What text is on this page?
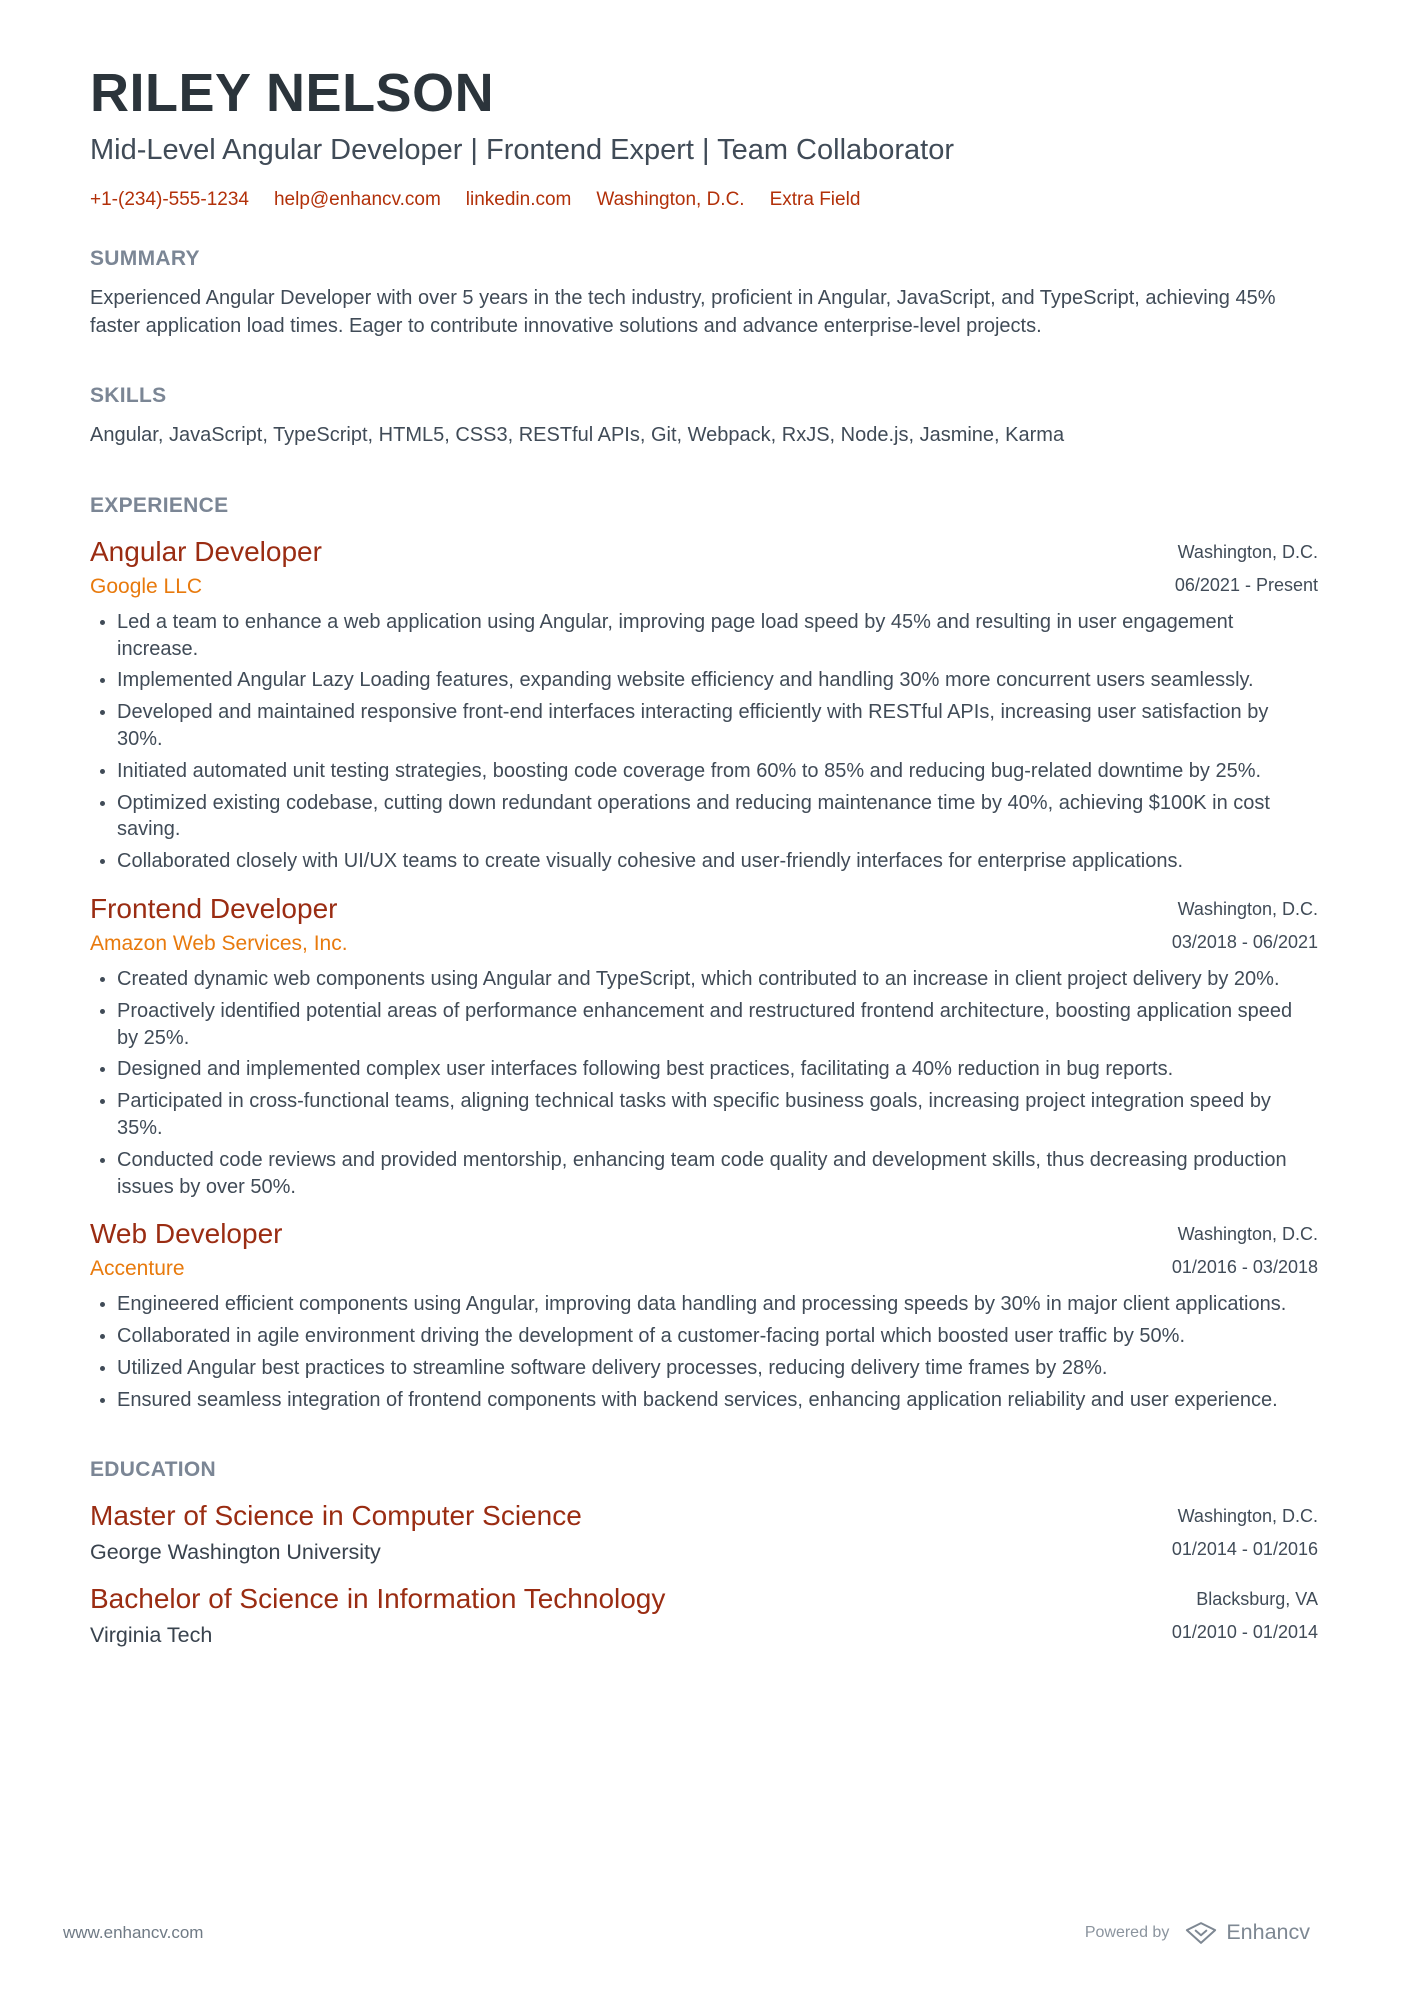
RILEY NELSON
Mid-Level Angular Developer | Frontend Expert | Team Collaborator
+1-(234)-555-1234 help@enhancv.com linkedin.com Washington, D.C. Extra Field
SUMMARY
Experienced Angular Developer with over 5 years in the tech industry, proficient in Angular, JavaScript, and TypeScript, achieving 45% faster application load times. Eager to contribute innovative solutions and advance enterprise-level projects.
SKILLS
Angular, JavaScript, TypeScript, HTML5, CSS3, RESTful APIs, Git, Webpack, RxJS, Node.js, Jasmine, Karma
EXPERIENCE
Angular Developer
Google LLC
Washington, D.C.
06/2021 - Present
• Led a team to enhance a web application using Angular, improving page load speed by 45% and resulting in user engagement increase.
• Implemented Angular Lazy Loading features, expanding website efficiency and handling 30% more concurrent users seamlessly.
• Developed and maintained responsive front-end interfaces interacting efficiently with RESTful APIs, increasing user satisfaction by 30%.
• Initiated automated unit testing strategies, boosting code coverage from 60% to 85% and reducing bug-related downtime by 25%.
• Optimized existing codebase, cutting down redundant operations and reducing maintenance time by 40%, achieving $100K in cost saving.
• Collaborated closely with UI/UX teams to create visually cohesive and user-friendly interfaces for enterprise applications.
Frontend Developer
Amazon Web Services, Inc.
Washington, D.C.
03/2018 - 06/2021
• Created dynamic web components using Angular and TypeScript, which contributed to an increase in client project delivery by 20%.
• Proactively identified potential areas of performance enhancement and restructured frontend architecture, boosting application speed by 25%.
• Designed and implemented complex user interfaces following best practices, facilitating a 40% reduction in bug reports.
• Participated in cross-functional teams, aligning technical tasks with specific business goals, increasing project integration speed by 35%.
• Conducted code reviews and provided mentorship, enhancing team code quality and development skills, thus decreasing production issues by over 50%.
Web Developer
Accenture
Washington, D.C.
01/2016 - 03/2018
• Engineered efficient components using Angular, improving data handling and processing speeds by 30% in major client applications.
• Collaborated in agile environment driving the development of a customer-facing portal which boosted user traffic by 50%.
• Utilized Angular best practices to streamline software delivery processes, reducing delivery time frames by 28%.
• Ensured seamless integration of frontend components with backend services, enhancing application reliability and user experience.
EDUCATION
Master of Science in Computer Science
George Washington University
Washington, D.C.
01/2014 - 01/2016
Bachelor of Science in Information Technology
Virginia Tech
Blacksburg, VA
01/2010 - 01/2014
www.enhancv.com	Powered by	Enhancv
